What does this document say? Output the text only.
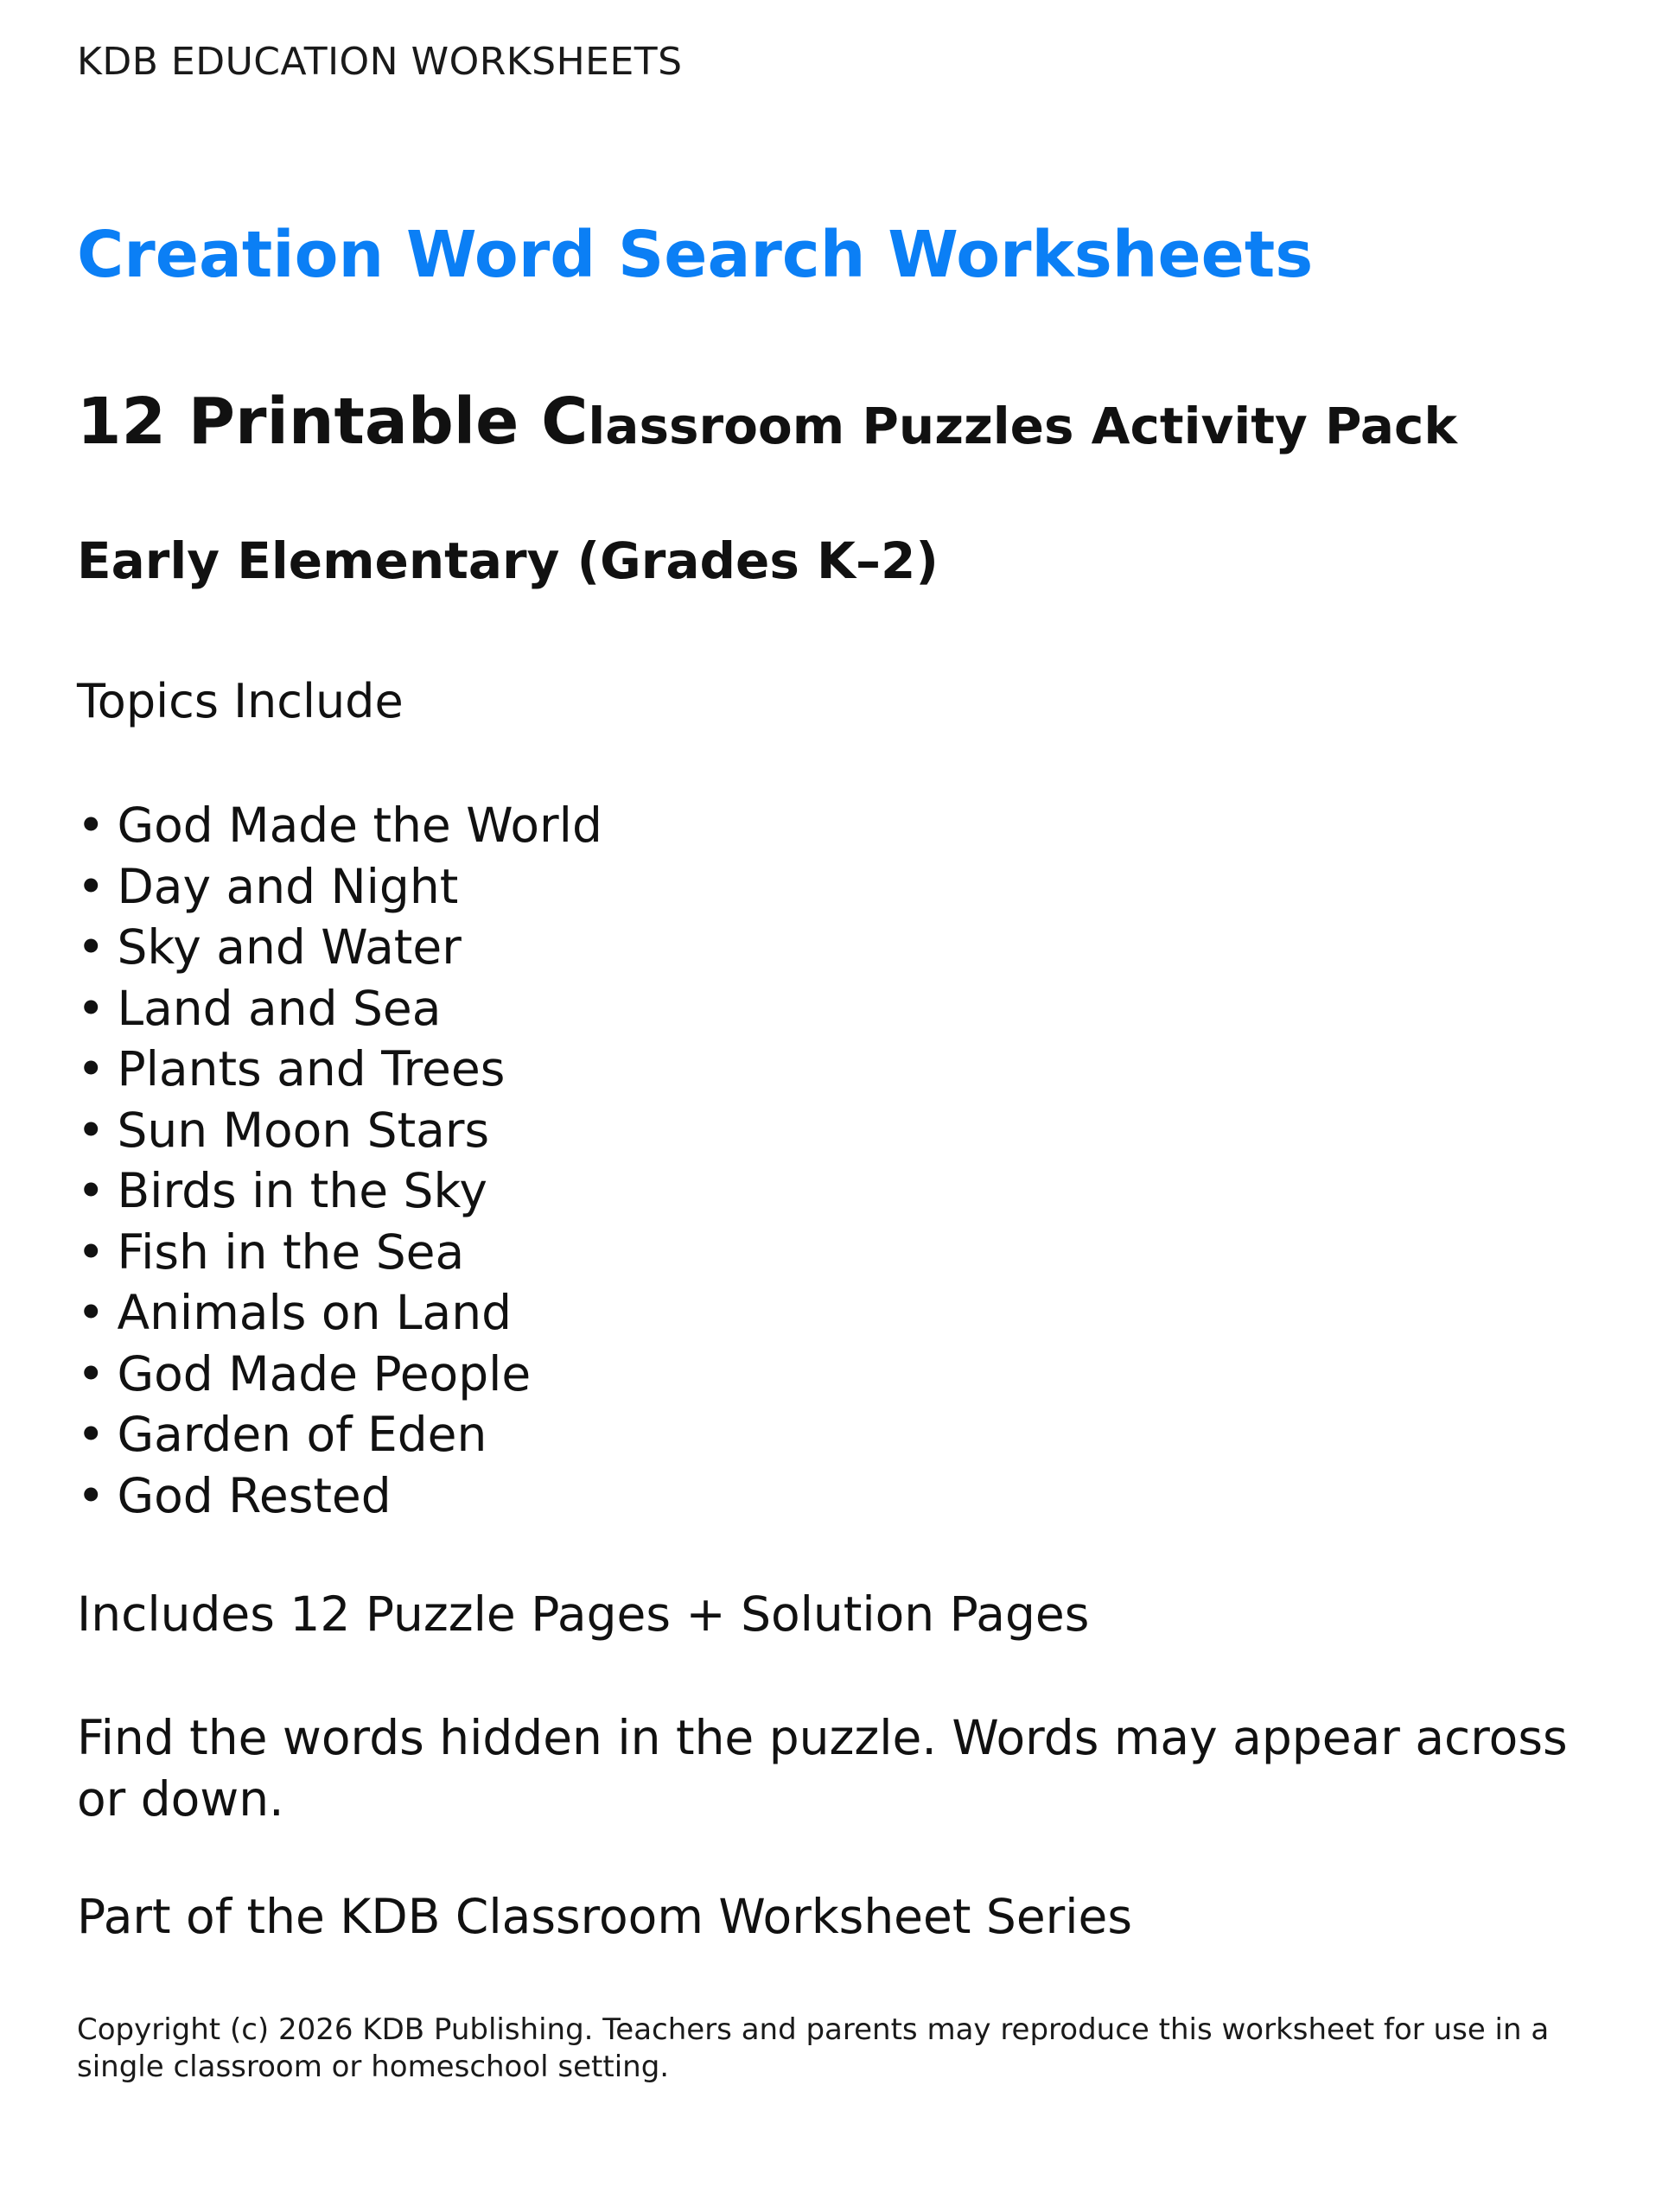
KDB EDUCATION WORKSHEETS
Creation Word Search Worksheets
12 Printable Classroom Puzzles Activity Pack
Early Elementary (Grades K–2)
Topics Include
• God Made the World
• Day and Night
• Sky and Water
• Land and Sea
• Plants and Trees
• Sun Moon Stars
• Birds in the Sky
• Fish in the Sea
• Animals on Land
• God Made People
• Garden of Eden
• God Rested
Includes 12 Puzzle Pages + Solution Pages
Find the words hidden in the puzzle. Words may appear across or down.
Part of the KDB Classroom Worksheet Series
Copyright (c) 2026 KDB Publishing. Teachers and parents may reproduce this worksheet for use in a single classroom or homeschool setting.
